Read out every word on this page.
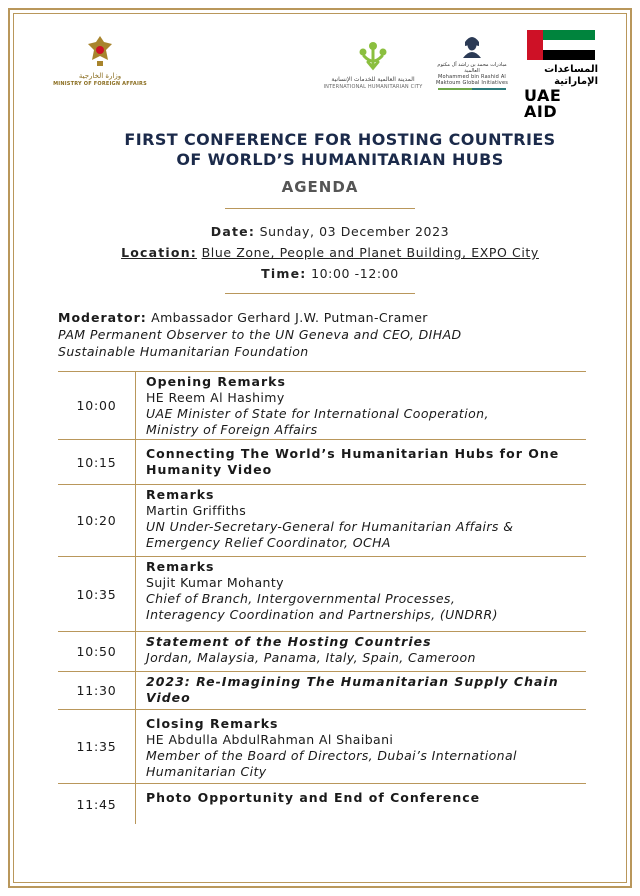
وزارة الخارجية
MINISTRY OF FOREIGN AFFAIRS
المدينة العالمية للخدمات الإنسانية
INTERNATIONAL HUMANITARIAN CITY
مبادرات محمد بن راشد آل مكتوم العالمية
Mohammed bin Rashid Al Maktoum Global Initiatives
المساعدات الإماراتية
UAE AID
FIRST CONFERENCE FOR HOSTING COUNTRIES
OF WORLD’S HUMANITARIAN HUBS
AGENDA
Date: Sunday, 03 December 2023
Location: Blue Zone, People and Planet Building, EXPO City
Time: 10:00 -12:00
Moderator: Ambassador Gerhard J.W. Putman-Cramer
PAM Permanent Observer to the UN Geneva and CEO, DIHAD
Sustainable Humanitarian Foundation
10:00
Opening Remarks
HE Reem Al Hashimy
UAE Minister of State for International Cooperation,
Ministry of Foreign Affairs
10:15
Connecting The World’s Humanitarian Hubs for One
Humanity Video
10:20
Remarks
Martin Griffiths
UN Under-Secretary-General for Humanitarian Affairs &
Emergency Relief Coordinator, OCHA
10:35
Remarks
Sujit Kumar Mohanty
Chief of Branch, Intergovernmental Processes,
Interagency Coordination and Partnerships, (UNDRR)
10:50
Statement of the Hosting Countries
Jordan, Malaysia, Panama, Italy, Spain, Cameroon
11:30
2023: Re-Imagining The Humanitarian Supply Chain
Video
11:35
Closing Remarks
HE Abdulla AbdulRahman Al Shaibani
Member of the Board of Directors, Dubai’s International
Humanitarian City
11:45	Photo Opportunity and End of Conference
